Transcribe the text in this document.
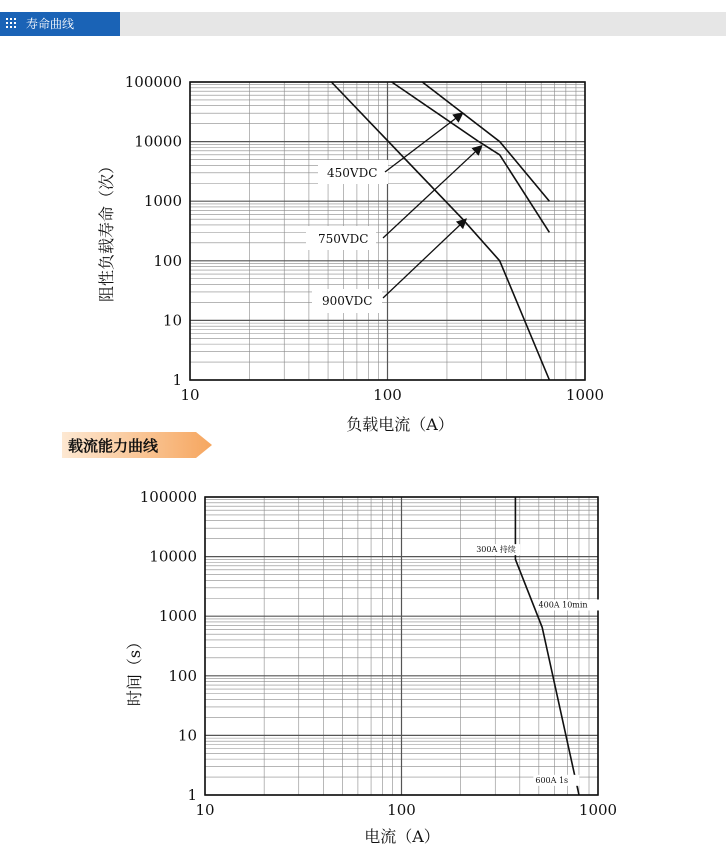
寿命曲线
载流能力曲线
1
10
100
1000
10000
100000
10	100	1000
负载电流（A）
阻性负载寿命（次）
1
10
100
1000
10000
100000
10	100	1000
电流（A）
时间（s）
450VDC
750VDC
900VDC
300A 持续
400A 10min
600A 1s
